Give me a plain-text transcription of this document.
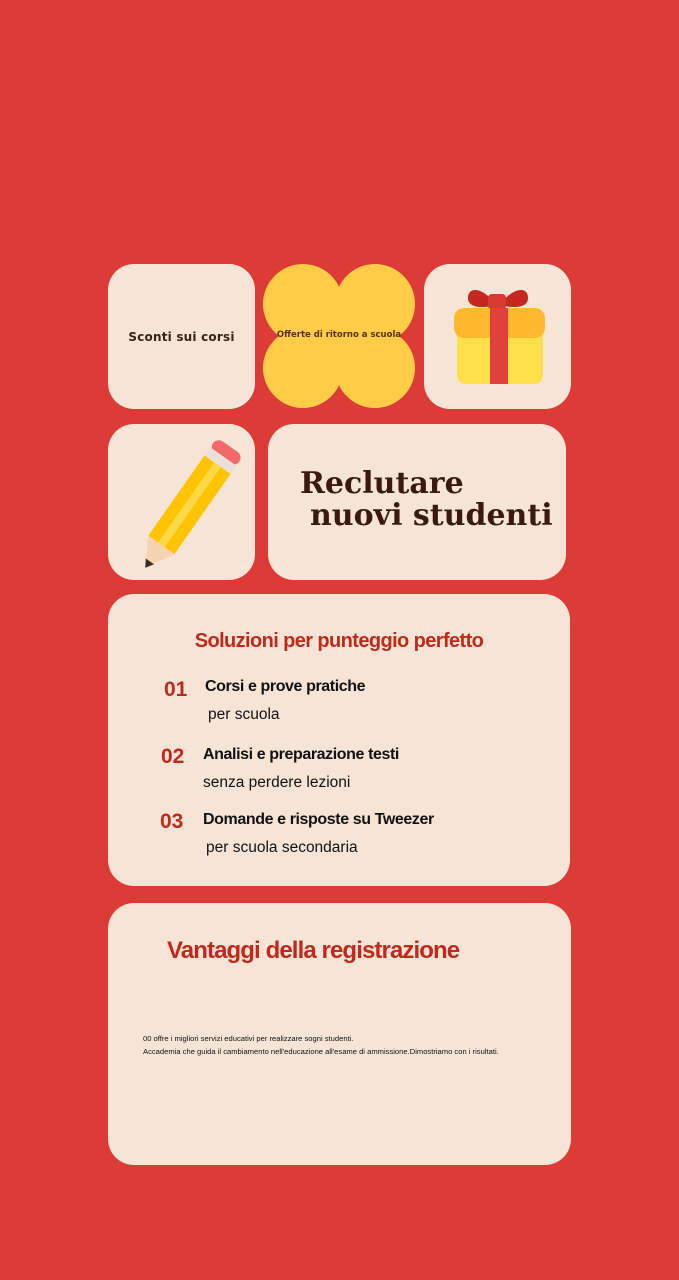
Sconti sui corsi	Offerte di ritorno a scuola
Reclutare
nuovi studenti
Soluzioni per punteggio perfetto
01 Corsi e prove pratiche
per scuola
02 Analisi e preparazione testi
senza perdere lezioni
03 Domande e risposte su Tweezer
per scuola secondaria
Vantaggi della registrazione
00 offre i migliori servizi educativi per realizzare sogni studenti.
Accademia che guida il cambiamento nell'educazione all'esame di ammissione.Dimostriamo con i risultati.
